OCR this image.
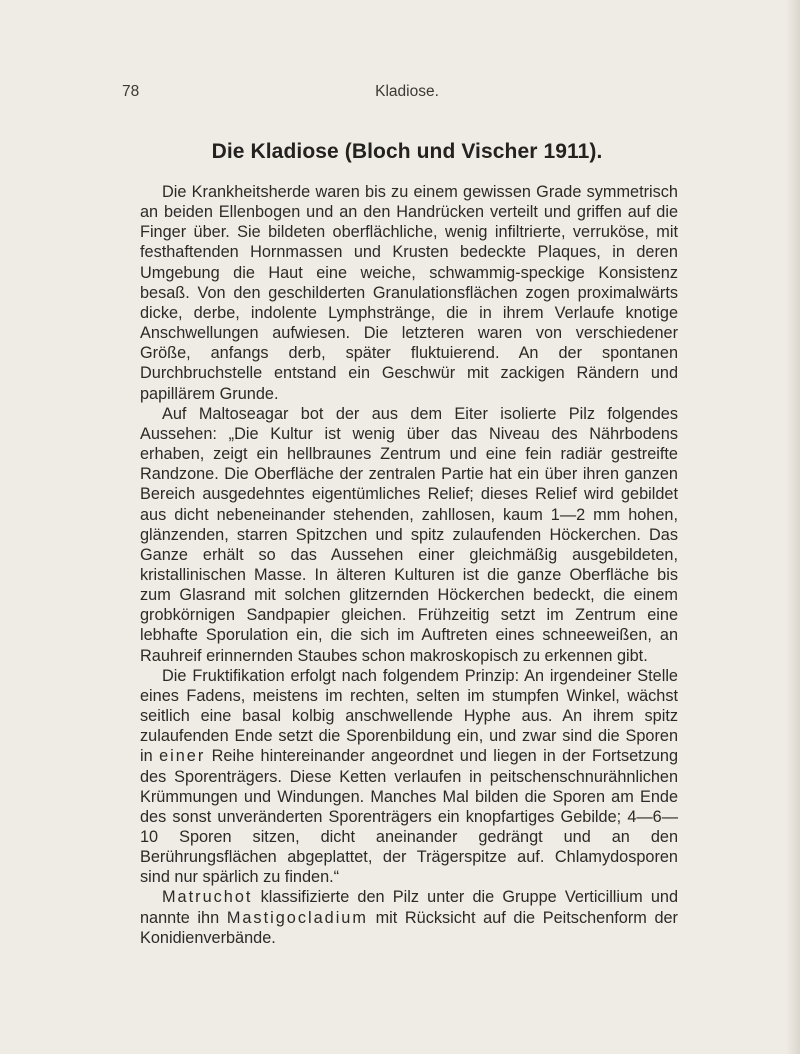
78	Kladiose.
Die Kladiose (Bloch und Vischer 1911).

Die Krankheitsherde waren bis zu einem gewissen Grade symmetrisch an beiden Ellenbogen und an den Handrücken verteilt und griffen auf die Finger über. Sie bildeten oberflächliche, wenig infiltrierte, verruköse, mit festhaftenden Hornmassen und Krusten bedeckte Plaques, in deren Umgebung die Haut eine weiche, schwammig-speckige Konsistenz besaß. Von den geschilderten Granulationsflächen zogen proximalwärts dicke, derbe, indolente Lymphstränge, die in ihrem Verlaufe knotige Anschwellungen aufwiesen. Die letzteren waren von verschiedener Größe, anfangs derb, später fluktuierend. An der spontanen Durchbruchstelle entstand ein Geschwür mit zackigen Rändern und papillärem Grunde.

Auf Maltoseagar bot der aus dem Eiter isolierte Pilz folgendes Aussehen: „Die Kultur ist wenig über das Niveau des Nährbodens erhaben, zeigt ein hellbraunes Zentrum und eine fein radiär gestreifte Randzone. Die Oberfläche der zentralen Partie hat ein über ihren ganzen Bereich ausgedehntes eigentümliches Relief; dieses Relief wird gebildet aus dicht nebeneinander stehenden, zahllosen, kaum 1—2 mm hohen, glänzenden, starren Spitzchen und spitz zulaufenden Höckerchen. Das Ganze erhält so das Aussehen einer gleichmäßig ausgebildeten, kristallinischen Masse. In älteren Kulturen ist die ganze Oberfläche bis zum Glasrand mit solchen glitzernden Höckerchen bedeckt, die einem grobkörnigen Sandpapier gleichen. Frühzeitig setzt im Zentrum eine lebhafte Sporulation ein, die sich im Auftreten eines schneeweißen, an Rauhreif erinnernden Staubes schon makroskopisch zu erkennen gibt.

Die Fruktifikation erfolgt nach folgendem Prinzip: An irgendeiner Stelle eines Fadens, meistens im rechten, selten im stumpfen Winkel, wächst seitlich eine basal kolbig anschwellende Hyphe aus. An ihrem spitz zulaufenden Ende setzt die Sporenbildung ein, und zwar sind die Sporen in einer Reihe hintereinander angeordnet und liegen in der Fortsetzung des Sporenträgers. Diese Ketten verlaufen in peitschenschnurähnlichen Krümmungen und Windungen. Manches Mal bilden die Sporen am Ende des sonst unveränderten Sporenträgers ein knopfartiges Gebilde; 4—6—10 Sporen sitzen, dicht aneinander gedrängt und an den Berührungsflächen abgeplattet, der Trägerspitze auf. Chlamydosporen sind nur spärlich zu finden.“

Matruchot klassifizierte den Pilz unter die Gruppe Verticillium und nannte ihn Mastigocladium mit Rücksicht auf die Peitschenform der Konidienverbände.
